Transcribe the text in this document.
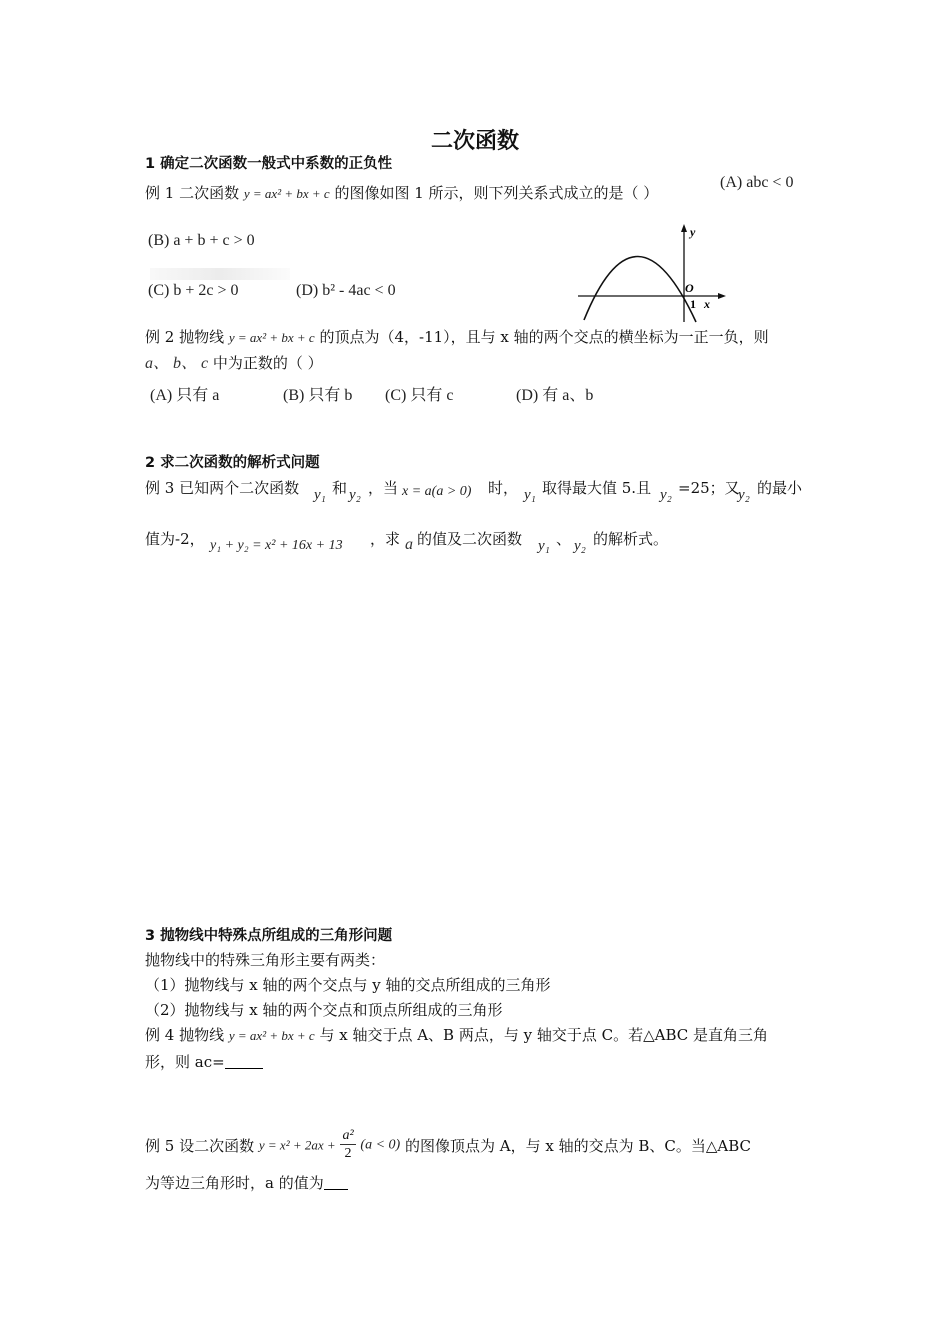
二次函数
1 确定二次函数一般式中系数的正负性
例 1 二次函数 y = ax² + bx + c 的图像如图 1 所示，则下列关系式成立的是（ ）
(A) abc < 0
(B) a + b + c > 0
(C) b + 2c > 0	(D) b² - 4ac < 0
y
O
1 x
例 2 抛物线 y = ax² + bx + c 的顶点为（4，-11），且与 x 轴的两个交点的横坐标为一正一负，则
a、 b、 c 中为正数的（ ）
(A) 只有 a	(B) 只有 b (C) 只有 c	(D) 有 a、b
2 求二次函数的解析式问题
例 3 已知两个二次函数 y₁ 和 y₂ ，当 x = a(a > 0) 时， y₁ 取得最大值 5.且 y₂ =25；又
y₂ 的最小
值为-2， y₁ + y₂ = x² + 16x + 13 ，求 a 的值及二次函数 y₁ 、 y₂ 的解析式。
3 抛物线中特殊点所组成的三角形问题
抛物线中的特殊三角形主要有两类：
（1）抛物线与 x 轴的两个交点与 y 轴的交点所组成的三角形
（2）抛物线与 x 轴的两个交点和顶点所组成的三角形
例 4 抛物线 y = ax² + bx + c 与 x 轴交于点 A、B 两点，与 y 轴交于点 C。若△ABC 是直角三角
形，则 ac=
例 5 设二次函数 $y = x^2 + 2ax + \frac{\text{a²}}{2} (a < 0)$ 的图像顶点为 A，与 x 轴的交点为 B、C。当△ABC
为等边三角形时，a 的值为
